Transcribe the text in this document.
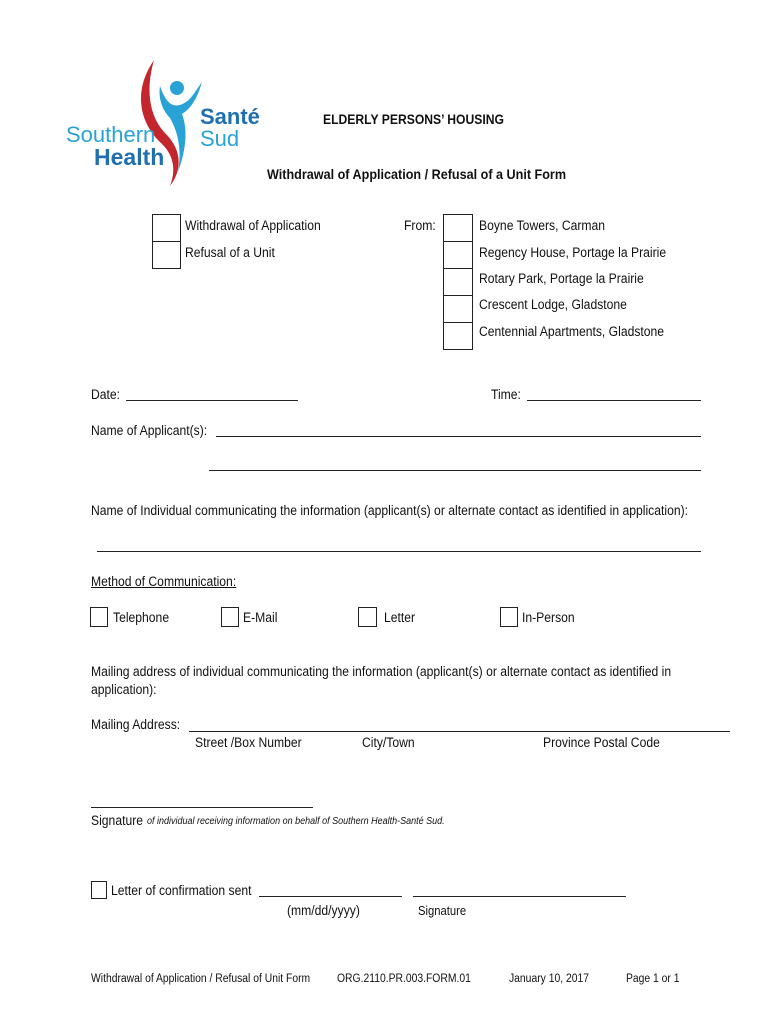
Southern
Health
Santé
Sud
ELDERLY PERSONS’ HOUSING
Withdrawal of Application / Refusal of a Unit Form
Withdrawal of Application
Refusal of a Unit
From:	Boyne Towers, Carman
Regency House, Portage la Prairie
Rotary Park, Portage la Prairie
Crescent Lodge, Gladstone
Centennial Apartments, Gladstone
Date:	Time:
Name of Applicant(s):
Name of Individual communicating the information (applicant(s) or alternate contact as identified in application):
Method of Communication:
Telephone	E-Mail	Letter	In-Person
Mailing address of individual communicating the information (applicant(s) or alternate contact as identified in
application):
Mailing Address:
Street /Box Number	City/Town	Province Postal Code
Signature of individual receiving information on behalf of Southern Health-Santé Sud.
Letter of confirmation sent
(mm/dd/yyyy)	Signature
Withdrawal of Application / Refusal of Unit Form ORG.2110.PR.003.FORM.01	January 10, 2017	Page 1 or 1
